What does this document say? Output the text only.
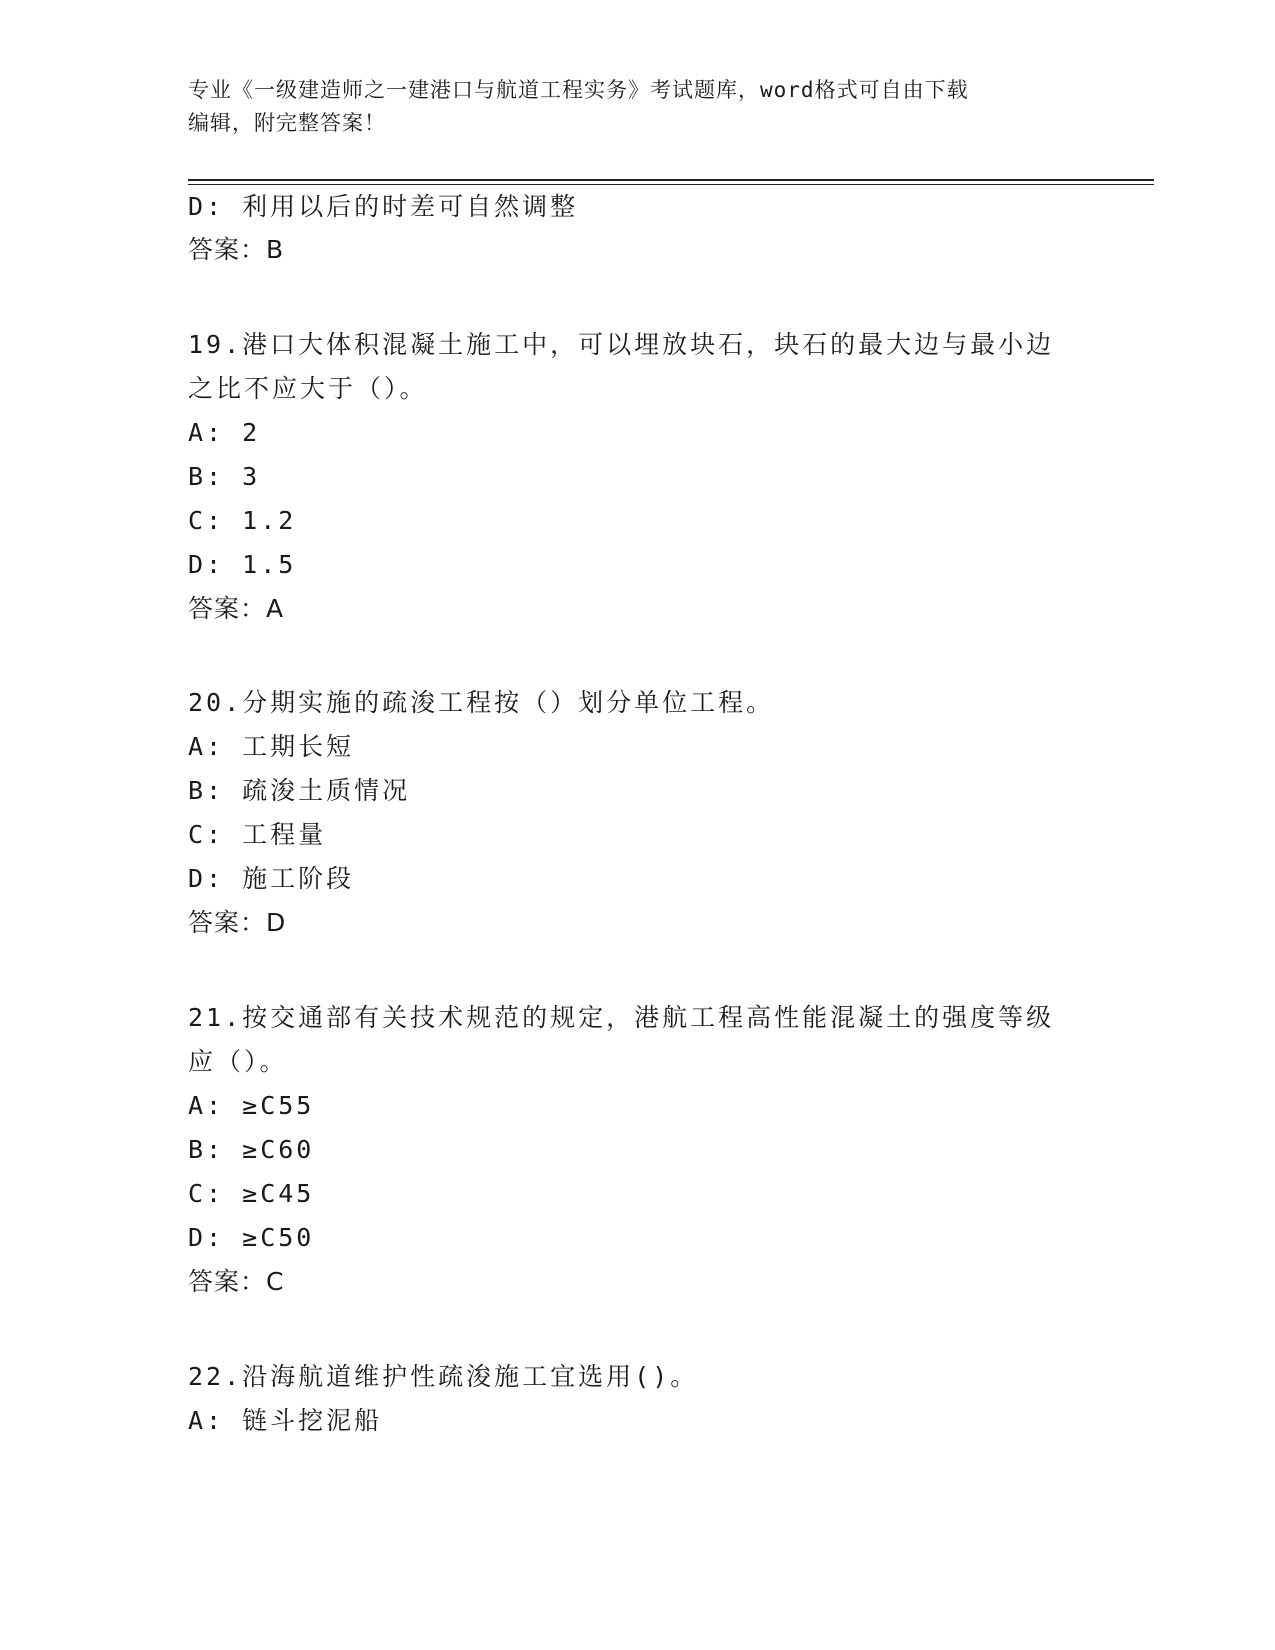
专业《一级建造师之一建港口与航道工程实务》考试题库，word格式可自由下载
编辑，附完整答案！
D: 利用以后的时差可自然调整
答案：B
19.港口大体积混凝土施工中，可以埋放块石，块石的最大边与最小边
之比不应大于（）。
A: 2
B: 3
C: 1.2
D: 1.5
答案：A
20.分期实施的疏浚工程按（）划分单位工程。
A: 工期长短
B: 疏浚土质情况
C: 工程量
D: 施工阶段
答案：D
21.按交通部有关技术规范的规定，港航工程高性能混凝土的强度等级
应（）。
A: ≥C55
B: ≥C60
C: ≥C45
D: ≥C50
答案：C
22.沿海航道维护性疏浚施工宜选用()。
A: 链斗挖泥船
